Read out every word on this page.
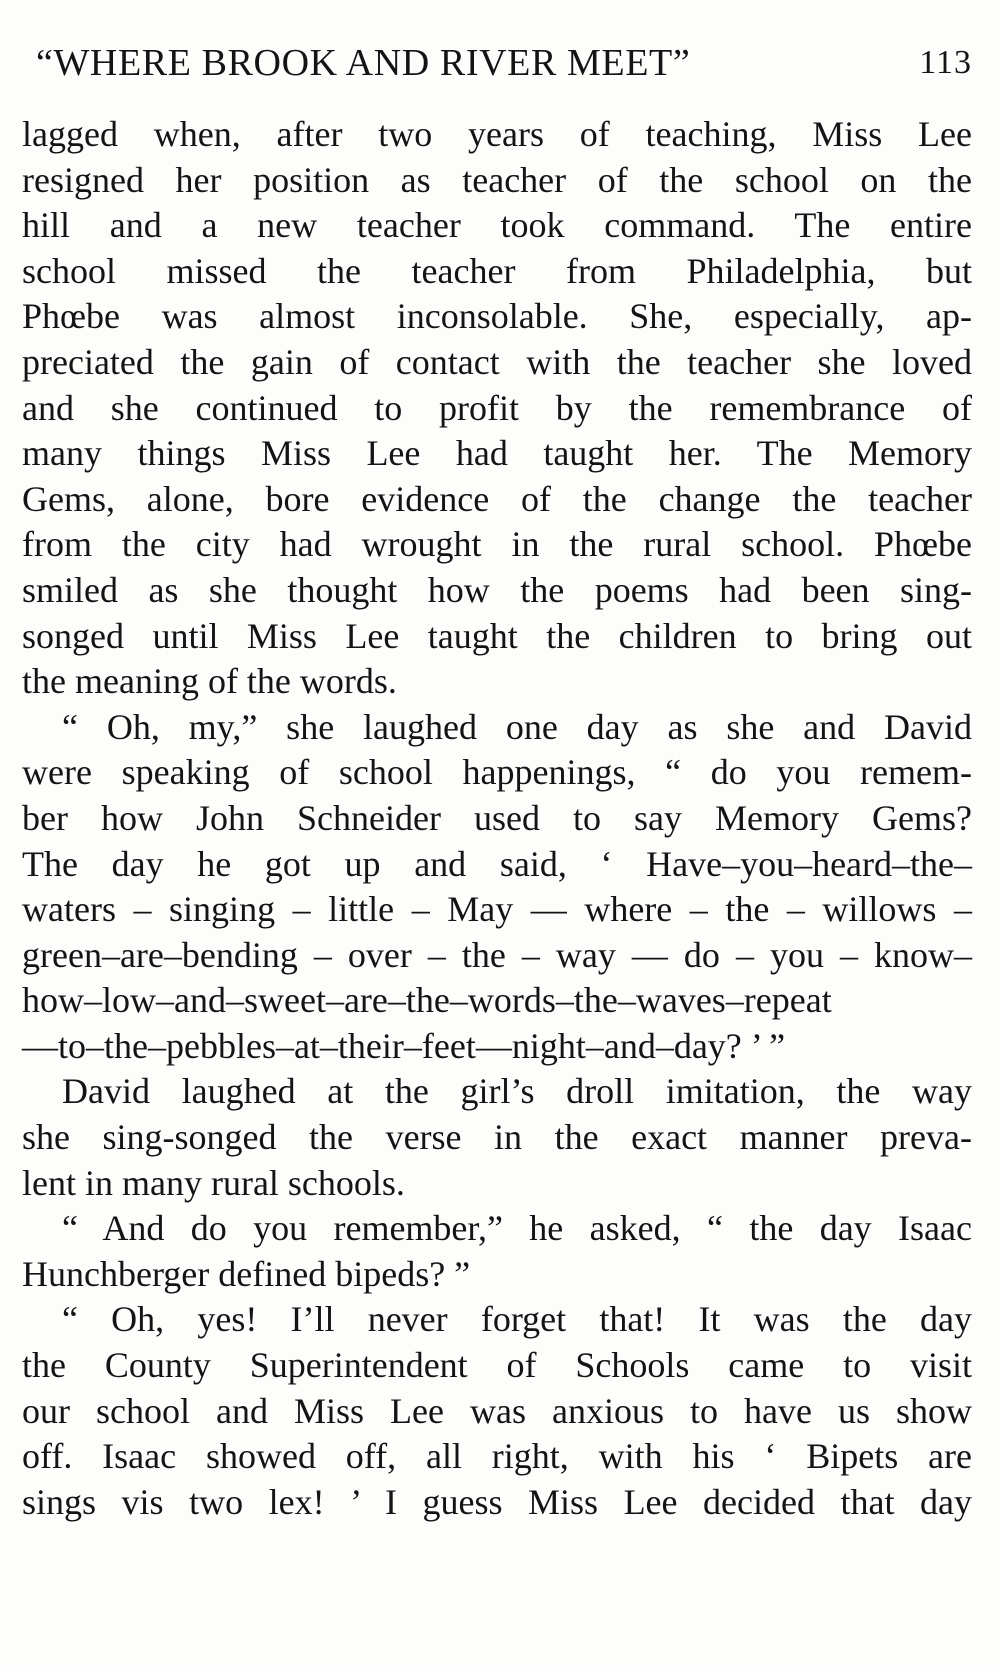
“WHERE BROOK AND RIVER MEET”	113
lagged when, after two years of teaching, Miss Lee
resigned her position as teacher of the school on the
hill and a new teacher took command. The entire
school missed the teacher from Philadelphia, but
Phœbe was almost inconsolable. She, especially, ap-
preciated the gain of contact with the teacher she loved
and she continued to profit by the remembrance of
many things Miss Lee had taught her. The Memory
Gems, alone, bore evidence of the change the teacher
from the city had wrought in the rural school. Phœbe
smiled as she thought how the poems had been sing-
songed until Miss Lee taught the children to bring out
the meaning of the words.
“ Oh, my,” she laughed one day as she and David
were speaking of school happenings, “ do you remem-
ber how John Schneider used to say Memory Gems?
The day he got up and said, ‘ Have–you–heard–the–
waters – singing – little – May — where – the – willows –
green–are–bending – over – the – way — do – you – know–
how–low–and–sweet–are–the–words–the–waves–repeat
—to–the–pebbles–at–their–feet—night–and–day? ’ ”
David laughed at the girl’s droll imitation, the way
she sing-songed the verse in the exact manner preva-
lent in many rural schools.
“ And do you remember,” he asked, “ the day Isaac
Hunchberger defined bipeds? ”
“ Oh, yes! I’ll never forget that! It was the day
the County Superintendent of Schools came to visit
our school and Miss Lee was anxious to have us show
off. Isaac showed off, all right, with his ‘ Bipets are
sings vis two lex! ’ I guess Miss Lee decided that day
